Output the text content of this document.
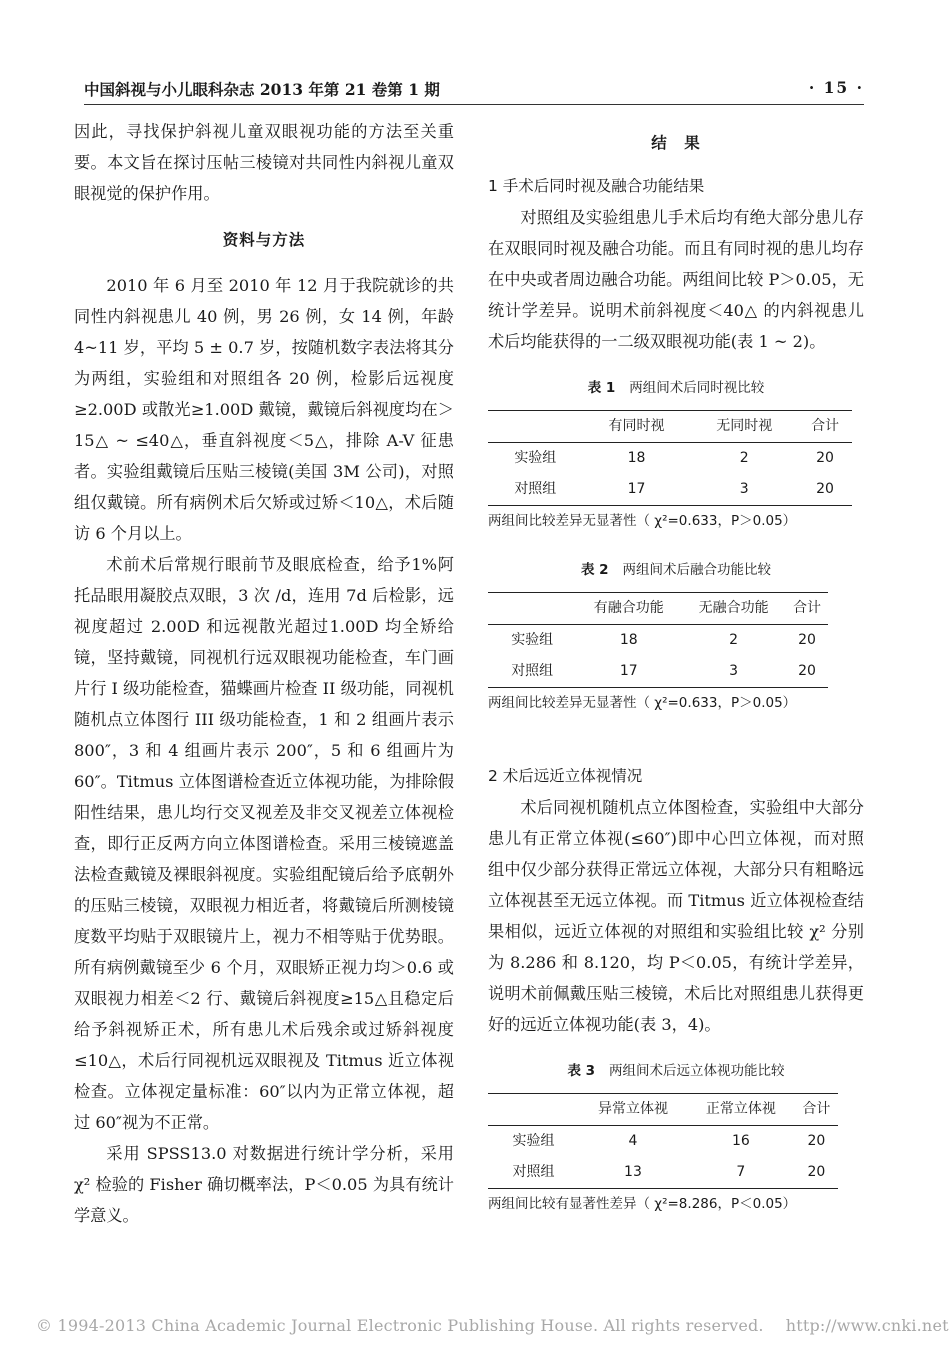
中国斜视与小儿眼科杂志 2013 年第 21 卷第 1 期	· 15 ·

因此，寻找保护斜视儿童双眼视功能的方法至关重要。本文旨在探讨压帖三棱镜对共同性内斜视儿童双眼视觉的保护作用。

资料与方法

2010 年 6 月至 2010 年 12 月于我院就诊的共同性内斜视患儿 40 例，男 26 例，女 14 例，年龄 4~11 岁，平均 5 ± 0.7 岁，按随机数字表法将其分为两组，实验组和对照组各 20 例，检影后远视度≥2.00D 或散光≥1.00D 戴镜，戴镜后斜视度均在＞15△ ~ ≤40△，垂直斜视度＜5△，排除 A-V 征患者。实验组戴镜后压贴三棱镜(美国 3M 公司)，对照组仅戴镜。所有病例术后欠矫或过矫＜10△，术后随访 6 个月以上。

术前术后常规行眼前节及眼底检查，给予1%阿托品眼用凝胶点双眼，3 次 /d，连用 7d 后检影，远视度超过 2.00D 和远视散光超过1.00D 均全矫给镜，坚持戴镜，同视机行远双眼视功能检查，车门画片行 I 级功能检查，猫蝶画片检查 II 级功能，同视机随机点立体图行 III 级功能检查，1 和 2 组画片表示 800″，3 和 4 组画片表示 200″，5 和 6 组画片为 60″。Titmus 立体图谱检查近立体视功能，为排除假阳性结果，患儿均行交叉视差及非交叉视差立体视检查，即行正反两方向立体图谱检查。采用三棱镜遮盖法检查戴镜及裸眼斜视度。实验组配镜后给予底朝外的压贴三棱镜，双眼视力相近者，将戴镜后所测棱镜度数平均贴于双眼镜片上，视力不相等贴于优势眼。所有病例戴镜至少 6 个月，双眼矫正视力均＞0.6 或双眼视力相差＜2 行、戴镜后斜视度≥15△且稳定后给予斜视矫正术，所有患儿术后残余或过矫斜视度≤10△，术后行同视机远双眼视及 Titmus 近立体视检查。立体视定量标准：60″以内为正常立体视，超过 60″视为不正常。

采用 SPSS13.0 对数据进行统计学分析，采用 χ² 检验的 Fisher 确切概率法，P＜0.05 为具有统计学意义。

结　果
1 手术后同时视及融合功能结果

对照组及实验组患儿手术后均有绝大部分患儿存在双眼同时视及融合功能。而且有同时视的患儿均存在中央或者周边融合功能。两组间比较 P＞0.05，无统计学差异。说明术前斜视度＜40△ 的内斜视患儿术后均能获得的一二级双眼视功能(表 1 ~ 2)。

表 1 两组间术后同时视比较
	有同时视	无同时视	合计
实验组	18	2	20
对照组	17	3	20
两组间比较差异无显著性（ χ²=0.633，P＞0.05）
表 2 两组间术后融合功能比较
	有融合功能	无融合功能	合计
实验组	18	2	20
对照组	17	3	20
两组间比较差异无显著性（ χ²=0.633，P＞0.05）
2 术后远近立体视情况

术后同视机随机点立体图检查，实验组中大部分患儿有正常立体视(≤60″)即中心凹立体视，而对照组中仅少部分获得正常远立体视，大部分只有粗略远立体视甚至无远立体视。而 Titmus 近立体视检查结果相似，远近立体视的对照组和实验组比较 χ² 分别为 8.286 和 8.120，均 P＜0.05，有统计学差异，说明术前佩戴压贴三棱镜，术后比对照组患儿获得更好的远近立体视功能(表 3，4)。

表 3 两组间术后远立体视功能比较
	异常立体视	正常立体视	合计
实验组	4	16	20
对照组	13	7	20
两组间比较有显著性差异（ χ²=8.286，P＜0.05）
© 1994-2013 China Academic Journal Electronic Publishing House. All rights reserved. http://www.cnki.net
